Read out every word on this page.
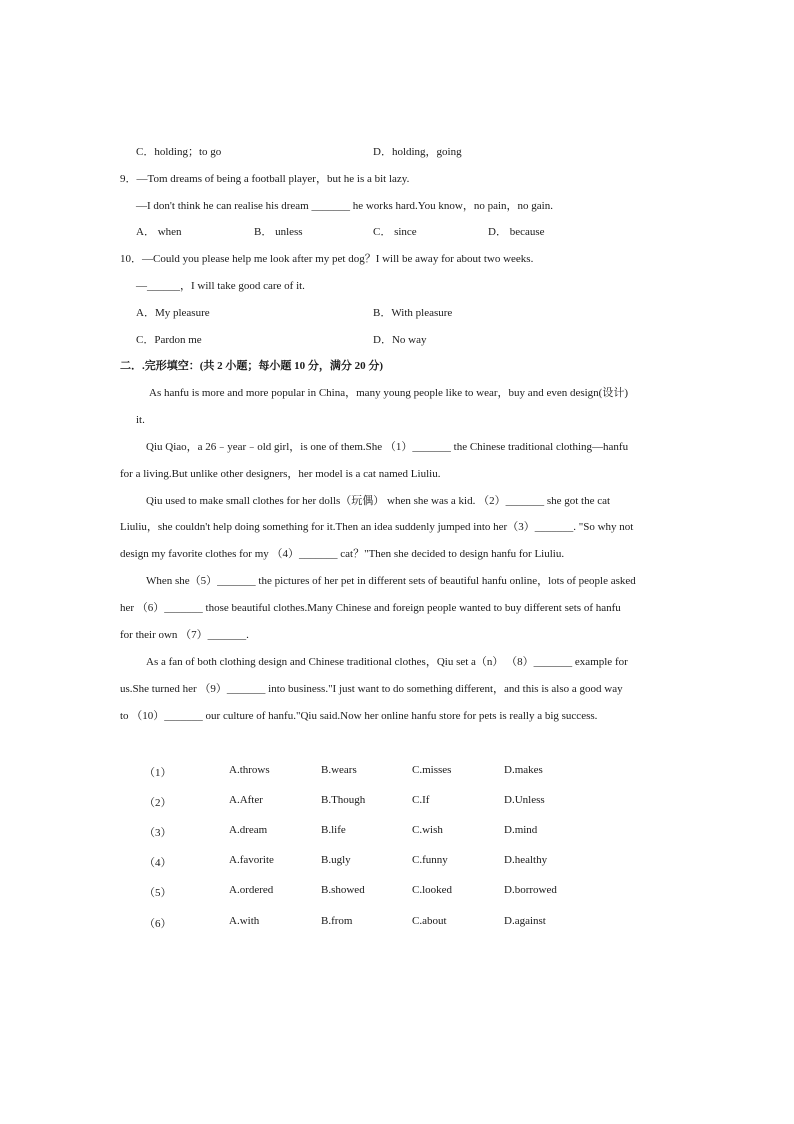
C．holding；to go	D．holding，going
9．—Tom dreams of being a football player，but he is a bit lazy.
—I don't think he can realise his dream _______ he works hard.You know，no pain，no gain.
A． when	B． unless	C． since	D． because
10．—Could you please help me look after my pet dog？I will be away for about two weeks.
—______，I will take good care of it.
A．My pleasure	B．With pleasure
C．Pardon me	D．No way
二．.完形填空：(共 2 小题；每小题 10 分，满分 20 分)
As hanfu is more and more popular in China，many young people like to wear，buy and even design(设计)
it.
Qiu Qiao，a 26﹣year﹣old girl，is one of them.She （1）_______ the Chinese traditional clothing—hanfu
for a living.But unlike other designers，her model is a cat named Liuliu.
Qiu used to make small clothes for her dolls（玩偶） when she was a kid. （2）_______ she got the cat
Liuliu，she couldn't help doing something for it.Then an idea suddenly jumped into her（3）_______. "So why not
design my favorite clothes for my （4）_______ cat？"Then she decided to design hanfu for Liuliu.
When she（5）_______ the pictures of her pet in different sets of beautiful hanfu online，lots of people asked
her （6）_______ those beautiful clothes.Many Chinese and foreign people wanted to buy different sets of hanfu
for their own （7）_______.
As a fan of both clothing design and Chinese traditional clothes，Qiu set a（n） （8）_______ example for
us.She turned her （9）_______ into business."I just want to do something different，and this is also a good way
to （10）_______ our culture of hanfu."Qiu said.Now her online hanfu store for pets is really a big success.
（1）	A.throws	B.wears	C.misses	D.makes
（2）	A.After	B.Though	C.If	D.Unless
（3）	A.dream	B.life	C.wish	D.mind
（4）	A.favorite	B.ugly	C.funny	D.healthy
（5）	A.ordered	B.showed	C.looked	D.borrowed
（6）	A.with	B.from	C.about	D.against
